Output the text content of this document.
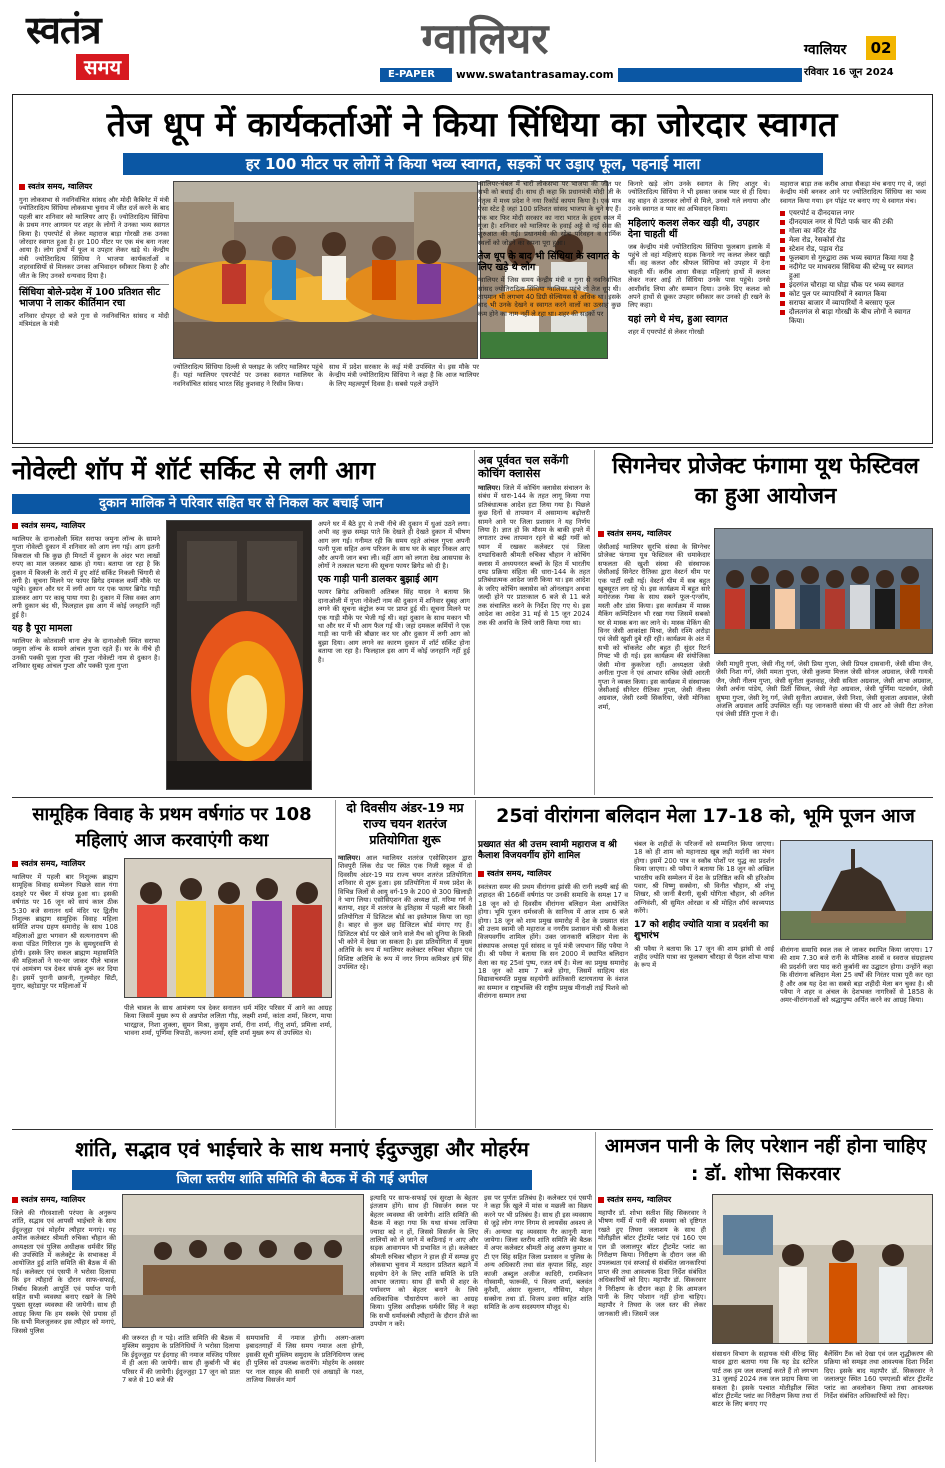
स्वतंत्र
समय
ग्वालियर
E-PAPER	www.swatantrasamay.com
ग्वालियर	02
रविवार 16 जून 2024
तेज धूप में कार्यकर्ताओं ने किया सिंधिया का जोरदार स्वागत
हर 100 मीटर पर लोगों ने किया भव्य स्वागत, सड़कों पर उड़ाए फूल, पहनाई माला
स्वतंत्र समय, ग्वालियर

गुना लोकसभा से नवनिर्वाचित सांसद और मोदी कैबिनेट में मंत्री ज्योतिरादित्य सिंधिया लोकसभा चुनाव में जीत दर्ज करने के बाद पहली बार शनिवार को ग्वालियर आए हैं। ज्योतिरादित्य सिंधिया के प्रथम नगर आगमन पर शहर के लोगों ने उनका भव्य स्वागत किया है। एयरपोर्ट से लेकर महाराज बाड़ा गोरखी तक उनका जोरदार स्वागत हुआ है। हर 100 मीटर पर एक मंच बना नजर आया है। लोग हाथों में फूल व उपहार लेकर खड़े थे। केन्द्रीय मंत्री ज्योतिरादित्य सिंधिया ने भाजपा कार्यकर्ताओं व शहरवासियों से मिलकर उनका अभिवादन स्वीकार किया है और जीत के लिए उनको धन्यवाद दिया है।

सिंधिया बोले-प्रदेश में 100 प्रतिशत सीट भाजपा ने लाकर कीर्तिमान रचा

शनिवार दोपहर दो बजे गुना से नवनिर्वाचित सांसद व मोदी मंत्रिमंडल के मंत्री

ज्योतिरादित्य सिंधिया दिल्ली से फ्लाइट के जरिए ग्वालियर पहुंचे हैं। यहां ग्वालियर एयरपोर्ट पर उनका स्वागत ग्वालियर के नवनिर्वाचित सांसद भारत सिंह कुशवाह ने रिसीव किया।

साथ में प्रदेश सरकार के कई मंत्री उपस्थित थे। इस मौके पर केन्द्रीय मंत्री ज्योतिरादित्य सिंधिया ने कहा है कि आज ग्वालियर के लिए महत्वपूर्ण दिवस है। सबसे पहले उन्होंने

ग्वालियर-चंबल में चारों लोकसभा पर भाजपा की जीत पर सभी को बधाई दी। साथ ही कहा कि प्रधानमंत्री मोदी जी के नेतृत्व में मध्य प्रदेश ने नया रिकॉर्ड कायम किया है। एक मात्र ऐसा स्टेट है जहां 100 प्रतिशत सांसद भाजपा के चुने गए हैं। एक बार फिर मोदी सरकार का नारा भारत के हृदय स्थल में गूंजा है। शनिवार को ग्वालियर के हवाई अड्डे से नई सेवा की शुरुआत की गई। प्रधानमंत्री की सोच परिवहन व धार्मिक स्थलों को जोड़ने का सपना पूरा हुआ।

तेज धूप के बाद भी सिंधिया के स्वागत के लिए खड़े थे लोग

ग्वालियर में जिस समय केन्द्रीय मंत्री व गुना से नवनिर्वाचित सांसद ज्योतिरादित्य सिंधिया ग्वालियर पहुंचे तो तेज धूप थी। तापमान भी लगभग 40 डिग्री सेल्सियस से अधिक था। इसके बाद भी उनके देखने व स्वागत करने वालों का उत्साह कुछ कम होने का नाम नहीं ले रहा था। शहर की सड़कों पर

किनारे खड़े लोग उनके स्वागत के लिए आतुर थे। ज्योतिरादित्य सिंधिया ने भी इसका जवाब प्यार से ही दिया। वह वाहन से उतरकर लोगों से मिले, उनको गले लगाया और उनके स्वागत व प्यार का अभिवादन किया।

महिलाएं कलश लेकर खड़ी थी, उपहार देना चाहती थीं

जब केन्द्रीय मंत्री ज्योतिरादित्य सिंधिया फूलबाग इलाके में पहुंचे तो वहां महिलाएं सड़क किनारे नए कलश लेकर खड़ी थीं। वह कलश और श्रीफल सिंधिया को उपहार में देना चाहती थीं। करीब आधा सैकड़ा महिलाएं हाथों में कलश लेकर नजर आईं तो सिंधिया उनके पास पहुंचे। उनसे आशीर्वाद लिया और सम्मान दिया। उनके दिए कलश को अपने हाथों से छूकर उपहार स्वीकार कर उनको ही रखने के लिए कहा।

यहां लगे थे मंच, हुआ स्वागत

शहर में एयरपोर्ट से लेकर गोरखी

महाराज बाड़ा तक करीब आधा सैकड़ा मंच बनाए गए थे, जहां केन्द्रीय मंत्री बनकर आने पर ज्योतिरादित्य सिंधिया का भव्य स्वागत किया गया। इन पॉइंट पर बनाए गए थे स्वागत मंच।

एयरपोर्ट व दीनदयाल नगर
दीनदयाल नगर से पिंटो पार्क चार की टंकी
गोला का मंदिर रोड
मेला रोड, रेसकोर्स रोड
स्टेशन रोड, पड़ाव रोड
फूलबाग से गुरुद्वारा तक भव्य स्वागत किया गया है
नदीगेट पर माधवराव सिंधिया की स्टेच्यू पर स्वागत हुआ
इंदरगंज चौराहा या घोड़ा चौक पर भव्य स्वागत
कोट पुल पर व्यापारियों ने स्वागत किया
सराफा बाजार में व्यापारियों ने बरसाए फूल
दौलतगंज से बाड़ा गोरखी के बीच लोगों ने स्वागत किया।
नोवेल्टी शॉप में शॉर्ट सर्किट से लगी आग
दुकान मालिक ने परिवार सहित घर से निकल कर बचाई जान
स्वतंत्र समय, ग्वालियर

ग्वालियर के दानाओली स्थित सराफा जमुना लॉन्च के सामने गुप्ता नोवेल्टी दुकान में शनिवार को आग लग गई। आग इतनी विकराल थी कि कुछ ही मिनटों में दुकान के अंदर भरा लाखों रुपए का माल जलकर खाक हो गया। बताया जा रहा है कि दुकान में बिजली के तारों में हुए शॉर्ट सर्किट निकली चिंगारी से लगी है। सूचना मिलने पर फायर ब्रिगेड दमकल कर्मी मौके पर पहुंचे। दुकान और घर में लगी आग पर एक फायर ब्रिगेड गाड़ी डालकर आग पर काबू पाया गया है। दुकान में जिस वक्त आग लगी दुकान बंद थी, फिलहाल इस आग में कोई जनहानि नहीं हुई है।

यह है पूरा मामला

ग्वालियर के कोतवाली थाना क्षेत्र के दानाओली स्थित सराफा जमुना लॉन्च के सामने आंचल गुप्ता रहते हैं। घर के नीचे ही उनकी पक्की पूजा गुप्ता की गुप्ता नोवेल्टी नाम से दुकान है। शनिवार सुबह आंचल गुप्ता और पक्की पूजा गुप्ता

अपने घर में बैठे हुए थे तभी नीचे की दुकान में धुआं उठने लगा। अभी वह कुछ समझ पाते कि देखते ही देखते दुकान में भीषण आग लग गई। गनीमत रही कि समय रहते आंचल गुप्ता अपनी पत्नी पूजा सहित अन्य परिजन के साथ घर के बाहर निकल आए और अपनी जान बचा ली। वहीं आग को लगता देख आसपास के लोगों ने तत्काल घटना की सूचना फायर ब्रिगेड को दी है।

एक गाड़ी पानी डालकर बुझाई आग

फायर ब्रिगेड अधिकारी अतिबल सिंह यादव ने बताया कि दानाओली में गुप्ता नोवेल्टी नाम की दुकान में शनिवार सुबह आग लगने की सूचना कंट्रोल रूम पर प्राप्त हुई थी। सूचना मिलने पर एक गाड़ी मौके पर भेजी गई थी। वहां दुकान के साथ मकान भी था और घर में भी आग फैल गई थी। जहां दमकल कर्मियों ने एक गाड़ी का पानी की बौछार कर घर और दुकान में लगी आग को बुझा दिया। आग लगने का कारण दुकान में शॉर्ट सर्किट होना बताया जा रहा है। फिलहाल इस आग में कोई जनहानि नहीं हुई है।

अब पूर्ववत चल सकेंगी कोचिंग क्लासेस

ग्वालियर। जिले में कोचिंग क्लासेस संचालन के संबंध में धारा-144 के तहत लागू किया गया प्रतिबंधात्मक आदेश हटा लिया गया है। पिछले कुछ दिनों से तापमान में असामान्य बढ़ोत्तरी सामने आने पर जिला प्रशासन ने यह निर्णय लिया है। ज्ञात हो कि मौसम के बाकी हफ्ते में लगातार उच्च तापमान रहने से बढ़ी गर्मी को ध्यान में रखकर कलेक्टर एवं जिला दण्डाधिकारी श्रीमती रुचिका चौहान ने कोचिंग क्लास में अध्ययनरत बच्चों के हित में भारतीय दण्ड प्रक्रिया संहिता की धारा-144 के तहत प्रतिबंधात्मक आदेश जारी किया था। इस आदेश के जरिए कोचिंग क्लासेस को ऑनलाइन अथवा जल्दी होने पर प्रातःकाल 6 बजे से 11 बजे तक संचालित करने के निर्देश दिए गए थे। इस आदेश का आदेश 31 मई से 15 जून 2024 तक की अवधि के लिये जारी किया गया था।

सिगनेचर प्रोजेक्ट फंगामा यूथ फेस्टिवल का हुआ आयोजन
स्वतंत्र समय, ग्वालियर

जेसीआई ग्वालियर सुरभि संस्था के सिग्नेचर प्रोजेक्ट फंगामा यूथ फेस्टिवल की धमाकेदार सफलता की खुशी संस्था की संस्थापक जेसीआई सिनेटर रीतिका द्वारा वेस्टर्न थीम पर एक पार्टी रखी गई। वेस्टर्न थीम में सब बहुत खूबसूरत लग रहे थे। इस कार्यक्रम में बहुत सारे मनोरंजक गेम्स के साथ सबने फूल-एन्जॉय, मस्ती और डांस किया। इस कार्यक्रम में मास्क मैकिंग कम्पिटिशन भी रखा गया जिसमें सबको घर से मास्क बना कर लाने थे। मास्क मेकिंग की विनर जेसी आकांक्षा मिश्रा, जेसी रश्मि अरोड़ा एवं जेसी खुशी दुबे रही रही। कार्यक्रम के अंत में सभी को चॉकलेट और बहुत ही सुंदर रिटर्न गिफ्ट भी दी गई। इस कार्यक्रम की संयोजिका जेसी मोना कुकरेजा रहीं। अध्यक्षता जेसी अनीता गुप्ता ने एवं आभार सचिव जेसी आरती गुप्ता ने व्यक्त किया। इस कार्यक्रम में संस्थापक जेसीआई सीनेटर रीतिका गुप्ता, जेसी नीलम अग्रवाल, जेसी रश्मी सिकरिया, जेसी मोनिका शर्मा,

जेसी माधुरी गुप्ता, जेसी नीतू गर्ग, जेसी प्रिया गुप्ता, जेसी प्रियल दासवानी, जेसी सीमा जैन, जेसी निशा गर्ग, जेसी ममता गुप्ता, जेसी कुलमा मित्तल जेसी सोनल अग्रवाल, जेसी गायत्री जैन, जेसी नीलम गुप्ता, जेसी सुनीता कुशवाह, जेसी सविता अग्रवाल, जेसी आभा अग्रवाल, जेसी अर्चना पांडेय, जेसी प्रिती सिंघल, जेसी नेहा अग्रवाल, जेसी पूर्णिमा पटवर्धन, जेसी सुषमा गुप्ता, जेसी रेनू गर्ग, जेसी सुनीता अग्रवाल, जेसी निशा, जेसी सुजाता अग्रवाल, जेसी अंजलि अग्रवाल आदि उपस्थित रहीं। यह जानकारी संस्था की पी आर ओ जेसी रीटा तनेजा एवं जेसी प्रीति गुप्ता ने दी।

सामूहिक विवाह के प्रथम वर्षगांठ पर 108 महिलाएं आज करवाएंगी कथा
स्वतंत्र समय, ग्वालियर

ग्वालियर में पहली बार निशुल्क ब्राह्मण सामूहिक विवाह सम्मेलन पिछले साल गंगा दशहरे पर चेंबर में संपन्न हुआ था। इसकी वर्षगांठ पर 16 जून को सायं काल ठीक 5:30 बजे सनातन धर्म मंदिर पर द्वितीय निशुल्क ब्राह्मण सामूहिक विवाह महिला समिति शपथ ग्रहण समारोह के साथ 108 महिलाओं द्वारा भगवान श्री सत्यनारायण की कथा पंडित गिरिराज गुरु के सुमधुरवाणि से होगी। इसके लिए सकल ब्राह्मण महासमिति की महिलाओं ने घर-घर जाकर पीले चावल एवं आमंत्रण पत्र देकर संपर्क शुरू कर दिया है। इसमें पुरानी छावनी, गुलमोहर सिटी, मुरार, बहोडापुर पर महिलाओं में

पीले चावल के साथ आमंत्रण पत्र देकर सनातन धर्म मंदिर परिसर में आने का आग्रह किया जिसमें मुख्य रूप से अन्नपोश ललिता गौड़, लक्ष्मी शर्मा, कांता शर्मा, किरण, माया भारद्वाज, निशा शुक्ला, सुमन मिश्रा, कुसुम शर्मा, रीना शर्मा, नीतू शर्मा, प्रमिला शर्मा, भावना शर्मा, पूर्णिमा त्रिपाठी, कल्पना शर्मा, सृष्टि शर्मा मुख्य रूप से उपस्थित थे।

दो दिवसीय अंडर-19 मप्र राज्य चयन शतरंज प्रतियोगिता शुरू

ग्वालियर। आल ग्वालियर शतरंज एसोसिएशन द्वारा शिवपुरी लिंक रोड पर स्थित एक निजी स्कूल में दो दिवसीय अंडर-19 मप्र राज्य चयन शतरंज प्रतियोगिता शनिवार से शुरू हुआ। इस प्रतियोगिता में मध्य प्रदेश के विभिन्न जिलों से आयु वर्ग-19 के 200 से 300 खिलाड़ी ने भाग लिया। एसोसिएशन की अध्यक्ष डॉ. गरिमा गर्ग ने बताया, शहर में शतरंज के इतिहास में पहली बार किसी प्रतियोगिता में डिजिटल बोर्ड का इस्तेमाल किया जा रहा है। बाहर से कुल छह डिजिटल बोर्ड मंगाए गए हैं। डिजिटल बोर्ड पर खेले जाने वाले मैच को दुनिया के किसी भी कोने में देखा जा सकता है। इस प्रतियोगिता में मुख्य अतिथि के रूप में ग्वालियर कलेक्टर रुचिका चौहान एवं विशिष्ट अतिथि के रूप में नगर निगम कमिश्नर हर्ष सिंह उपस्थित रहे।

25वां वीरांगना बलिदान मेला 17-18 को, भूमि पूजन आज
प्रख्यात संत श्री उत्तम स्वामी महाराज व श्री कैलाश विजयवर्गीय होंगे शामिल
स्वतंत्र समय, ग्वालियर

स्वतंत्रता समर की प्रथम वीरांगना झांसी की रानी लक्ष्मी बाई की शहादत की 166वीं वर्षगांठ पर उनकी समाधि के समक्ष 17 व 18 जून को दो दिवसीय वीरांगना बलिदान मेला आयोजित होगा। भूमि पूजन धर्मध्वजी के सानिध्य में आज शाम 6 बजे होगा। 18 जून को शाम प्रमुख समारोह में देश के प्रख्यात संत श्री उत्तम स्वामी जी महाराज व नगरीय प्रशासन मंत्री श्री कैलाश विजयवर्गीय शामिल होंगे। उक्त जानकारी बलिदान मेला के संस्थापक अध्यक्ष पूर्व सांसद व पूर्व मंत्री जयभान सिंह पवैया ने दी। श्री पवैया ने बताया कि सन 2000 में स्थापित बलिदान मेला का यह 25वां पुष्प, रजत वर्ष है। मेला का प्रमुख समारोह 18 जून को शाम 7 बजे होगा, जिसमें साहित्य संत विद्यावाचस्पति प्रमुख सहयोगी क्रांतिकारी स्टारयताया के वंशज का सम्मान व राष्ट्रभक्ति की राष्ट्रीय प्रमुख मीनाक्षी ताई पिशवे को वीरांगना सम्मान तथा

चंबल के शहीदों के परिजनों को सम्मानित किया जाएगा। 18 को ही शाम को महानाट्य खूब लड़ी मर्दानी का मंचन होगा। इसमें 200 पात्र व स्कौब पोर्शों पर युद्ध का प्रदर्शन किया जाएगा। श्री पवैया ने बताया कि 18 जून को अखिल भारतीय कवि सम्मेलन में देश के प्रतिष्ठित कवि श्री हरिओम पवार, श्री विष्णु सक्सेना, श्री विनीत चौहान, श्री शंभू शिखर, श्री जानी बैरागी, सुश्री योगिता चौहान, श्री अनिल अग्निवंशी, श्री सुमित ओरछा व श्री मोहित शौर्य काव्यपाठ करेंगे।

17 को शहीद ज्योति यात्रा व प्रदर्शनी का शुभारंभ

श्री पवैया ने बताया कि 17 जून की शाम झांसी से आई शहीद ज्योति यात्रा का फूलबाग चौराहा से पैदल शोभा यात्रा के रूप में

वीरांगना समाधि स्थल तक ले जाकर स्थापित किया जाएगा। 17 की शाम 7.30 बजे रानी के मौलिक शस्त्रों व स्वराज संग्रहालय की प्रदर्शनी जरा याद करो कुर्बानी का उद्घाटन होगा। उन्होंने कहा कि वीरांगना बलिदान मेला 25 वर्षों की निरंतर यात्रा पूरी कर रहा है और अब यह देश का सबसे बड़ा शहीदी मेला बन चुका है। श्री पवैया ने शहर व अंचल के देशभक्त नागरिकों से 1858 के अमर-वीरांगनाओं को श्रद्धापुष्प अर्पित करने का आग्रह किया।

शांति, सद्भाव एवं भाईचारे के साथ मनाएं ईदुज्जुहा और मोहर्रम
जिला स्तरीय शांति समिति की बैठक में की गई अपील
स्वतंत्र समय, ग्वालियर

जिले की गौरवशाली परंपरा के अनुरूप शांति, सद्भाव एवं आपसी भाईचारे के साथ ईदुज्जुहा एवं मोहर्रम त्यौहार मनाएं। यह अपील कलेक्टर श्रीमती रुचिका चौहान की अध्यक्षता एवं पुलिस अधीक्षक धर्मवीर सिंह की उपस्थिति में कलेक्ट्रेट के सभाकक्ष में आयोजित हुई शांति समिति की बैठक में की गई। कलेक्टर एवं एसपी ने भरोसा दिलाया कि इन त्यौहारों के दौरान साफ-सफाई, निर्बाध बिजली आपूर्ति एवं पर्याप्त पानी सहित सभी व्यवस्था बनाए रखने के लिये पुख्ता सुरक्षा व्यवस्था की जायेगी। साथ ही आग्रह किया कि हम सबके ऐसे प्रयास हों कि सभी मिलजुलकर इस त्यौहार को मनाएं, जिससे पुलिस

की जरूरत ही न पड़े। शांति समिति की बैठक में मुस्लिम समुदाय के प्रतिनिधियों ने भरोसा दिलाया कि ईदुज्जुहा पर ईदगाह की नमाज मस्जिद परिसर में ही अता की जायेगी। साथ ही कुर्बानी भी बंद परिसर में की जायेगी। ईदुज्जुहा 17 जून को प्रातः 7 बजे से 10 बजे की

समयावधि में नमाज होगी। अलग-अलग इबादतगाहों में जिस समय नमाज अता होगी, इसकी सूची मुस्लिम समुदाय के प्रतिनिधिगण जल्द ही पुलिस को उपलब्ध करायेंगे। मोहर्रम के अवसर पर नाल साहब की सवारी एवं अखाड़ों के गश्त, ताजिया विसर्जन मार्ग

इत्यादि पर साफ-सफाई एवं सुरक्षा के बेहतर इंतजाम होंगे। साथ ही विसर्जन स्थल पर बेहतर व्यवस्था की जायेगी। शांति समिति की बैठक में कहा गया कि यथा संभव ताजिया ज्यादा बड़े न हों, जिससे विसर्जन के लिए तालियों को ले जाने में कठिनाई न आए और सड़क आवागमन भी प्रभावित न हो। कलेक्टर श्रीमती रुचिका चौहान ने हाल ही में सम्पन्न हुए लोकसभा चुनाव में मतदान प्रतिशत बढ़ाने में सहयोग देने के लिए शांति समिति के प्रति आभार जताया। साथ ही सभी से शहर के पर्यावरण को बेहतर बनाने के लिये अधिकाधिक पौधारोपण करने का आग्रह किया। पुलिस अधीक्षक धर्मवीर सिंह ने कहा कि सभी धर्मावलंबी त्यौहारों के दौरान डीजे का उपयोग न करें।

इस पर पूर्णतः प्रतिबंध है। कलेक्टर एवं एसपी ने कहा कि खुले में मांस व मछली का विक्रय करने पर भी प्रतिबंध है। साथ ही इस व्यवसाय से जुड़े लोग नगर निगम से लायसेंस अवश्य ले लें। अन्यथा यह व्यवसाय गैर कानूनी माना जायेगा। जिला स्तरीय शांति समिति की बैठक में अपर कलेक्टर श्रीमती अंजु अरुण कुमार व टी एन सिंह सहित जिला प्रशासन व पुलिस के अन्य अधिकारी तथा संत कृपाल सिंह, शहर काजी अब्दुल अजीज कादिरी, रामकिशन गोस्वामी, फारूकी, पं विजय शर्मा, बलवंत कुरैशी, अंसार सुल्तान, गौसिया, मोहन सक्सेना तथा डॉ. विजय डवरा सहित शांति समिति के अन्य सदस्यगण मौजूद थे।

आमजन पानी के लिए परेशान नहीं होना चाहिए : डॉ. शोभा सिकरवार
स्वतंत्र समय, ग्वालियर

महापौर डॉ. शोभा सतीश सिंह सिकरवार ने भीषण गर्मी में पानी की समस्या को दृष्टिगत रखते हुए तिघरा जलाशय के साथ ही मोतीझील बॉटर ट्रीटमेंट प्लांट एवं 160 एम एल डी जलालपुर बॉटर ट्रीटमेंट प्लांट का निरीक्षण किया। निरीक्षण के दौरान जल की उपलब्धता एवं सप्लाई से संबंधित जानकारियां प्राप्त की तथा आवश्यक दिशा निर्देश संबंधित अधिकारियों को दिए। महापौर डॉ. सिकरवार ने निरीक्षण के दौरान कहा है कि आमजन पानी के लिए परेशान नहीं होना चाहिए। महापौर ने तिघरा के जल स्तर की लेकर जानकारी ली। जिसमें जल

संसाधन विभाग के सहायक यंत्री वीरेन्द्र सिंह यादव द्वारा बताया गया कि यह डेड स्टोरेज पार्ट तक हम जल सप्लाई करते हैं तो लगभग 31 जुलाई 2024 तक जल प्रदाय किया जा सकता है। इसके पश्चात मोतीझील स्थित बॉटर ट्रीटमेंट प्लांट का निरीक्षण किया तथा रॉ बाटर के लिए बनाए गए

बैलेंसिंग टैंक को देखा एवं जल शुद्धीकरण की प्रक्रिया को समझा तथा आवश्यक दिशा निर्देश दिए। इसके बाद महापौर डॉ. सिकरवार ने जलालपुर स्थित 160 एमएलडी बॉटर ट्रीटमेंट प्लांट का अवलोकन किया तथा आवश्यक निर्देश संबंधित अधिकारियों को दिए।
